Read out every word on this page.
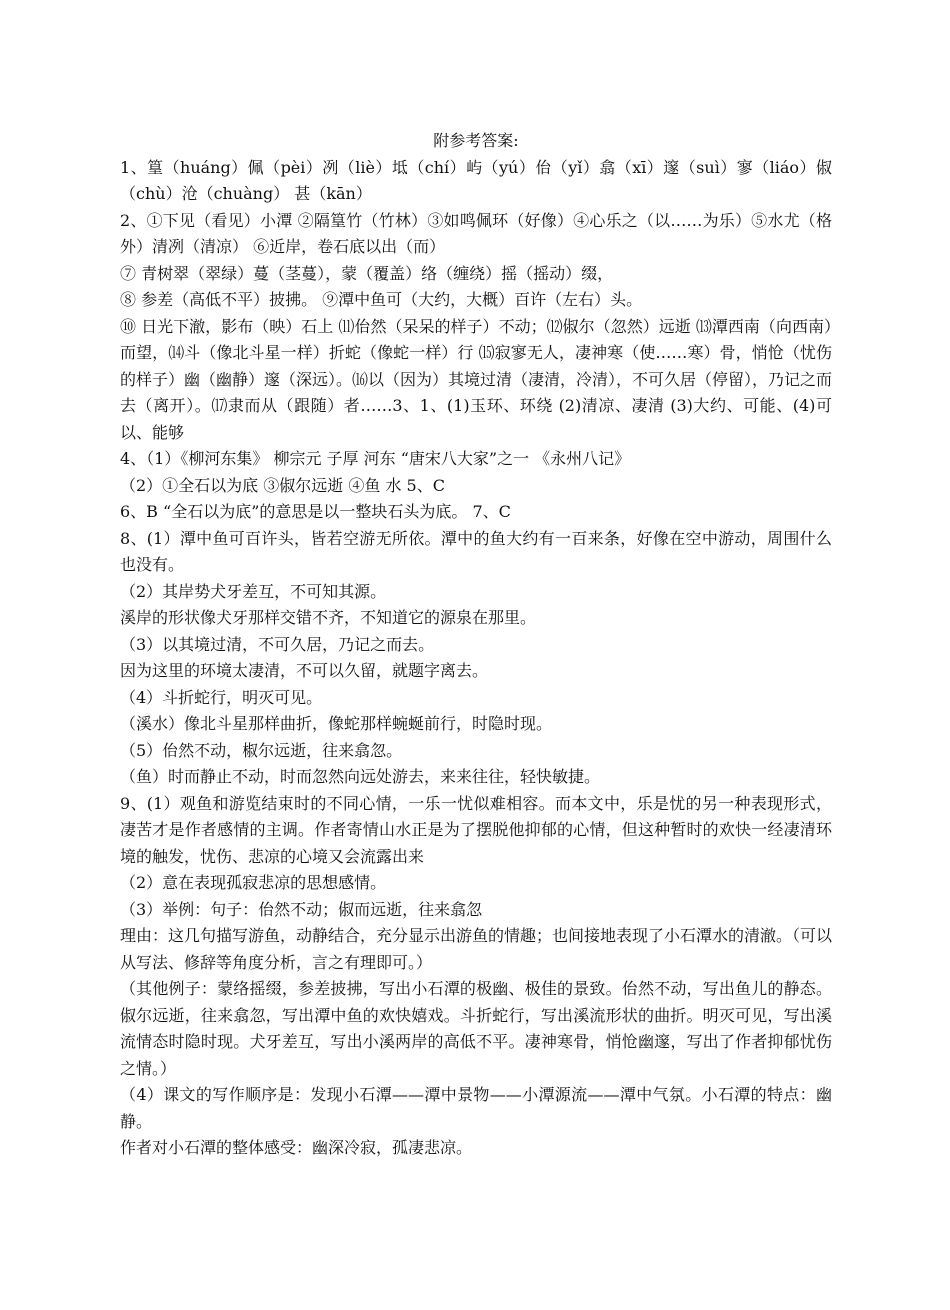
附参考答案:

1、篁（huáng）佩（pèi）冽（liè）坻（chí）屿（yú）佁（yǐ）翕（xī）邃（suì）寥（liáo）俶（chù）沧（chuàng） 甚（kān）

2、①下见（看见）小潭 ②隔篁竹（竹林）③如鸣佩环（好像）④心乐之（以……为乐）⑤水尤（格外）清冽（清凉） ⑥近岸，卷石底以出（而）

⑦ 青树翠（翠绿）蔓（茎蔓），蒙（覆盖）络（缠绕）摇（摇动）缀，

⑧ 参差（高低不平）披拂。 ⑨潭中鱼可（大约，大概）百许（左右）头。

⑩ 日光下澈，影布（映）石上 ⑾佁然（呆呆的样子）不动；⑿俶尔（忽然）远逝 ⒀潭西南（向西南）而望，⒁斗（像北斗星一样）折蛇（像蛇一样）行 ⒂寂寥无人，凄神寒（使……寒）骨，悄怆（忧伤的样子）幽（幽静）邃（深远）。⒃以（因为）其境过清（凄清，冷清），不可久居（停留），乃记之而去（离开）。⒄隶而从（跟随）者……3、1、(1)玉环、环绕 (2)清凉、凄清 (3)大约、可能、(4)可以、能够

4、（1）《柳河东集》 柳宗元 子厚 河东 “唐宋八大家”之一 《永州八记》

（2）①全石以为底 ③俶尔远逝 ④鱼 水 5、C

6、B “全石以为底”的意思是以一整块石头为底。 7、C

8、(1）潭中鱼可百许头，皆若空游无所依。潭中的鱼大约有一百来条，好像在空中游动，周围什么也没有。

（2）其岸势犬牙差互，不可知其源。

溪岸的形状像犬牙那样交错不齐，不知道它的源泉在那里。

（3）以其境过清，不可久居，乃记之而去。

因为这里的环境太凄清，不可以久留，就题字离去。

（4）斗折蛇行，明灭可见。

（溪水）像北斗星那样曲折，像蛇那样蜿蜒前行，时隐时现。

（5）佁然不动，椒尔远逝，往来翕忽。

（鱼）时而静止不动，时而忽然向远处游去，来来往往，轻快敏捷。

9、(1）观鱼和游览结束时的不同心情，一乐一忧似难相容。而本文中，乐是忧的另一种表现形式，凄苦才是作者感情的主调。作者寄情山水正是为了摆脱他抑郁的心情，但这种暂时的欢快一经凄清环境的触发，忧伤、悲凉的心境又会流露出来

（2）意在表现孤寂悲凉的思想感情。

（3）举例：句子：佁然不动；俶而远逝，往来翕忽

理由：这几句描写游鱼，动静结合，充分显示出游鱼的情趣；也间接地表现了小石潭水的清澈。（可以从写法、修辞等角度分析，言之有理即可。）

（其他例子：蒙络摇缀，参差披拂，写出小石潭的极幽、极佳的景致。佁然不动，写出鱼儿的静态。俶尔远逝，往来翕忽，写出潭中鱼的欢快嬉戏。斗折蛇行，写出溪流形状的曲折。明灭可见，写出溪流情态时隐时现。犬牙差互，写出小溪两岸的高低不平。凄神寒骨，悄怆幽邃，写出了作者抑郁忧伤之情。）

（4）课文的写作顺序是：发现小石潭——潭中景物——小潭源流——潭中气氛。小石潭的特点：幽静。

作者对小石潭的整体感受：幽深冷寂，孤凄悲凉。
